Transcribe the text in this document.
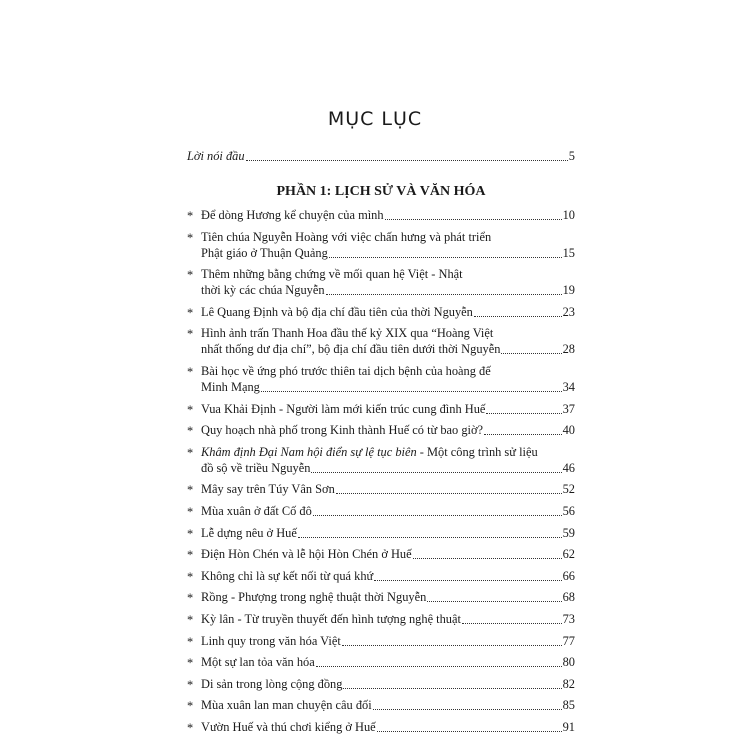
MỤC LỤC
Lời nói đầu	5
PHẦN 1: LỊCH SỬ VÀ VĂN HÓA
* Để dòng Hương kể chuyện của mình	10
* Tiên chúa Nguyễn Hoàng với việc chấn hưng và phát triển
Phật giáo ở Thuận Quảng	15
* Thêm những bằng chứng về mối quan hệ Việt - Nhật
thời kỳ các chúa Nguyễn	19
* Lê Quang Định và bộ địa chí đầu tiên của thời Nguyễn	23
* Hình ảnh trấn Thanh Hoa đầu thế kỷ XIX qua “Hoàng Việt
nhất thống dư địa chí”, bộ địa chí đầu tiên dưới thời Nguyễn	28
* Bài học về ứng phó trước thiên tai dịch bệnh của hoàng đế
Minh Mạng	34
* Vua Khải Định - Người làm mới kiến trúc cung đình Huế	37
* Quy hoạch nhà phố trong Kinh thành Huế có từ bao giờ?	40
* Khâm định Đại Nam hội điển sự lệ tục biên - Một công trình sử liệu
đồ sộ về triều Nguyễn	46
* Mây say trên Túy Vân Sơn	52
* Mùa xuân ở đất Cố đô	56
* Lễ dựng nêu ở Huế	59
* Điện Hòn Chén và lễ hội Hòn Chén ở Huế	62
* Không chỉ là sự kết nối từ quá khứ	66
* Rồng - Phượng trong nghệ thuật thời Nguyễn	68
* Kỳ lân - Từ truyền thuyết đến hình tượng nghệ thuật	73
* Linh quy trong văn hóa Việt	77
* Một sự lan tỏa văn hóa	80
* Di sản trong lòng cộng đồng	82
* Mùa xuân lan man chuyện câu đối	85
* Vườn Huế và thú chơi kiểng ở Huế	91
